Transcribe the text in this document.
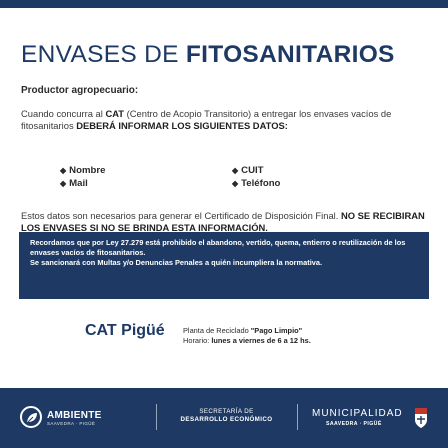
ENVASES DE FITOSANITARIOS
Productor agropecuario:

Cuando concurra al CAT (Centro de Acopio Transitorio) a entregar los envases vacíos de fitosanitarios DEBERÁ INFORMAR LOS SIGUIENTES DATOS:

◆ Nombre
◆ Mail
◆ CUIT
◆ Teléfono
Recordamos que por Ley 27.279 está prohibido el abandono, vertido, quema, entierro o reutilización de los envases vacíos de fitosanitarios.
Se sancionará con Multas y/o Denuncias Penales a quién incumpliera la normativa.

Estos datos son necesarios para generar el Certificado de Disposición Final. NO SE RECIBIRAN LOS ENVASES SI NO SE BRINDA ESTA INFORMACIÓN.

CAT Pigüé Planta de Reciclado "Pago Limpio"
Horario: lunes a viernes de 6 a 12 hs.
AMBIENTE
SAAVEDRA · PIGÜÉ
SECRETARÍA DE
DESARROLLO ECONÓMICO
MUNICIPALIDAD
SAAVEDRA · PIGÜÉ
